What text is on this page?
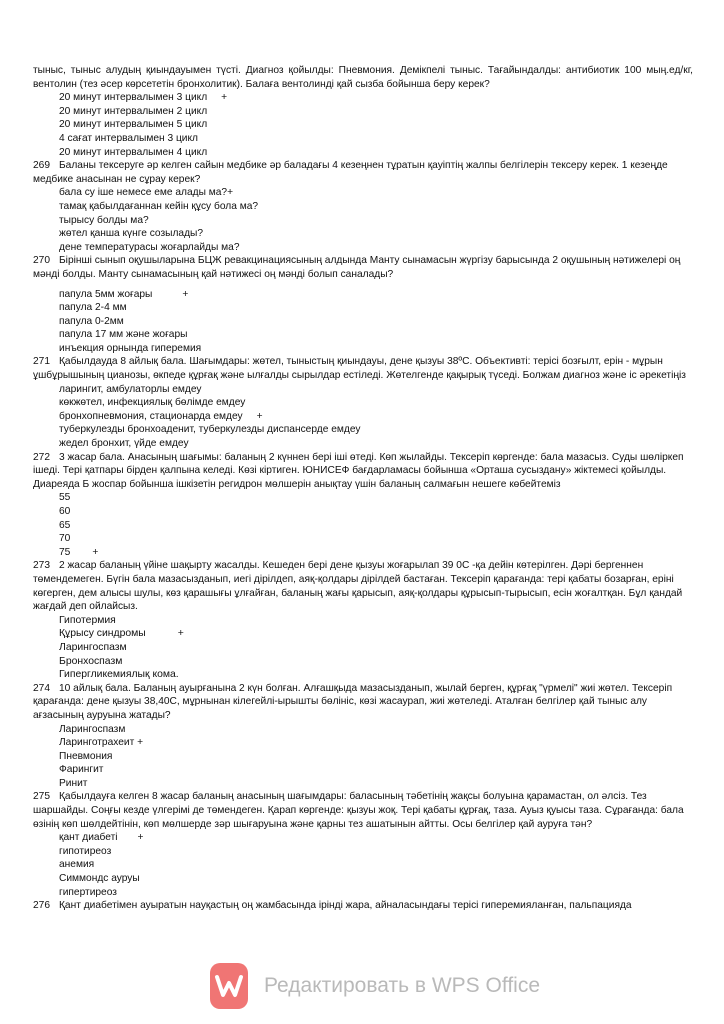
тыныс, тыныс алудың қиындауымен түсті. Диагноз қойылды: Пневмония. Демікпелі тыныс. Тағайындалды: антибиотик 100 мың.ед/кг, вентолин (тез әсер көрсететін бронхолитик). Балаға вентолинді қай сызба бойынша беру керек?

20 минут интервалымен 3 цикл +
20 минут интервалымен 2 цикл
20 минут интервалымен 5 цикл
4 сағат интервалымен 3 цикл
20 минут интервалымен 4 цикл

269 Баланы тексеруге әр келген сайын медбике әр баладағы 4 кезеңнен тұратын қауіптің жалпы белгілерін тексеру керек. 1 кезеңде медбике анасынан не сұрау керек?

бала су іше немесе еме алады ма?+
тамақ қабылдағаннан кейін құсу бола ма?
тырысу болды ма?
жөтел қанша күнге созылады?
дене температурасы жоғарлайды ма?

270 Бірінші сынып оқушыларына БЦЖ ревакцинациясының алдында Манту сынамасын жүргізу барысында 2 оқушының нәтижелері оң мәнді болды. Манту сынамасының қай нәтижесі оң мәнді болып саналады?

папула 5мм жоғары	+
папула 2-4 мм
папула 0-2мм
папула 17 мм және жоғары
инъекция орнында гиперемия

271 Қабылдауда 8 айлық бала. Шағымдары: жөтел, тыныстың қиындауы, дене қызуы 38ºС. Объективті: терісі бозғылт, ерін - мұрын ұшбұрышының цианозы, өкпеде құрғақ және ылғалды сырылдар естіледі. Жөтелгенде қақырық түседі. Болжам диагноз және іс әрекетіңіз

ларингит, амбулаторлы емдеу
көкжөтел, инфекциялық бөлімде емдеу
бронхопневмония, стационарда емдеу +
туберкулезды бронхоаденит, туберкулезды диспансерде емдеу
жедел бронхит, үйде емдеу

272 3 жасар бала. Анасының шағымы: баланың 2 күннен бері іші өтеді. Көп жылайды. Тексеріп көргенде: бала мазасыз. Суды шөліркеп ішеді. Тері қатпары бірден қалпына келеді. Көзі кіртиген. ЮНИСЕФ бағдарламасы бойынша «Орташа сусыздану» жіктемесі қойылды. Диареяда Б жоспар бойынша ішкізетін регидрон мөлшерін анықтау үшін баланың салмағын нешеге көбейтеміз

55
60
65
70
75 +

273 2 жасар баланың үйіне шақырту жасалды. Кешеден бері дене қызуы жоғарылап 39 0С -қа дейін көтерілген. Дәрі бергеннен төмендемеген. Бүгін бала мазасызданып, иегі дірілдеп, аяқ-қолдары дірілдей бастаған. Тексеріп қарағанда: тері қабаты бозарған, еріні көгерген, дем алысы шулы, көз қарашығы ұлғайған, баланың жағы қарысып, аяқ-қолдары құрысып-тырысып, есін жоғалтқан. Бұл қандай жағдай деп ойлайсыз.

Гипотермия
Құрысу синдромы	+
Ларингоспазм
Бронхоспазм
Гипергликемиялық кома.

274 10 айлық бала. Баланың ауырғанына 2 күн болған. Алғашқыда мазасызданып, жылай берген, құрғақ "үрмелі" жиі жөтел. Тексеріп қарағанда: дене қызуы 38,40С, мұрнынан кілегейлі-ырышты бөлініс, көзі жасаурап, жиі жөтеледі. Аталған белгілер қай тыныс алу ағзасының ауруына жатады?

Ларингоспазм
Ларинготрахеит +
Пневмония
Фарингит
Ринит

275 Қабылдауға келген 8 жасар баланың анасының шағымдары: баласының тәбетінің жақсы болуына қарамастан, ол әлсіз. Тез шаршайды. Соңғы кезде үлгерімі де төмендеген. Қарап көргенде: қызуы жоқ. Терi қабаты құрғақ, таза. Ауыз қуысы таза. Сұрағанда: бала өзінің көп шөлдейтінін, көп мөлшерде зәр шығаруына және қарны тез ашатынын айтты. Осы белгілер қай ауруға тән?

қант диабеті +
гипотиреоз
анемия
Симмондс ауруы
гипертиреоз

276 Қант диабетімен ауыратын науқастың оң жамбасында ірінді жара, айналасындағы терісі гиперемияланған, пальпацияда

Редактировать в WPS Office
